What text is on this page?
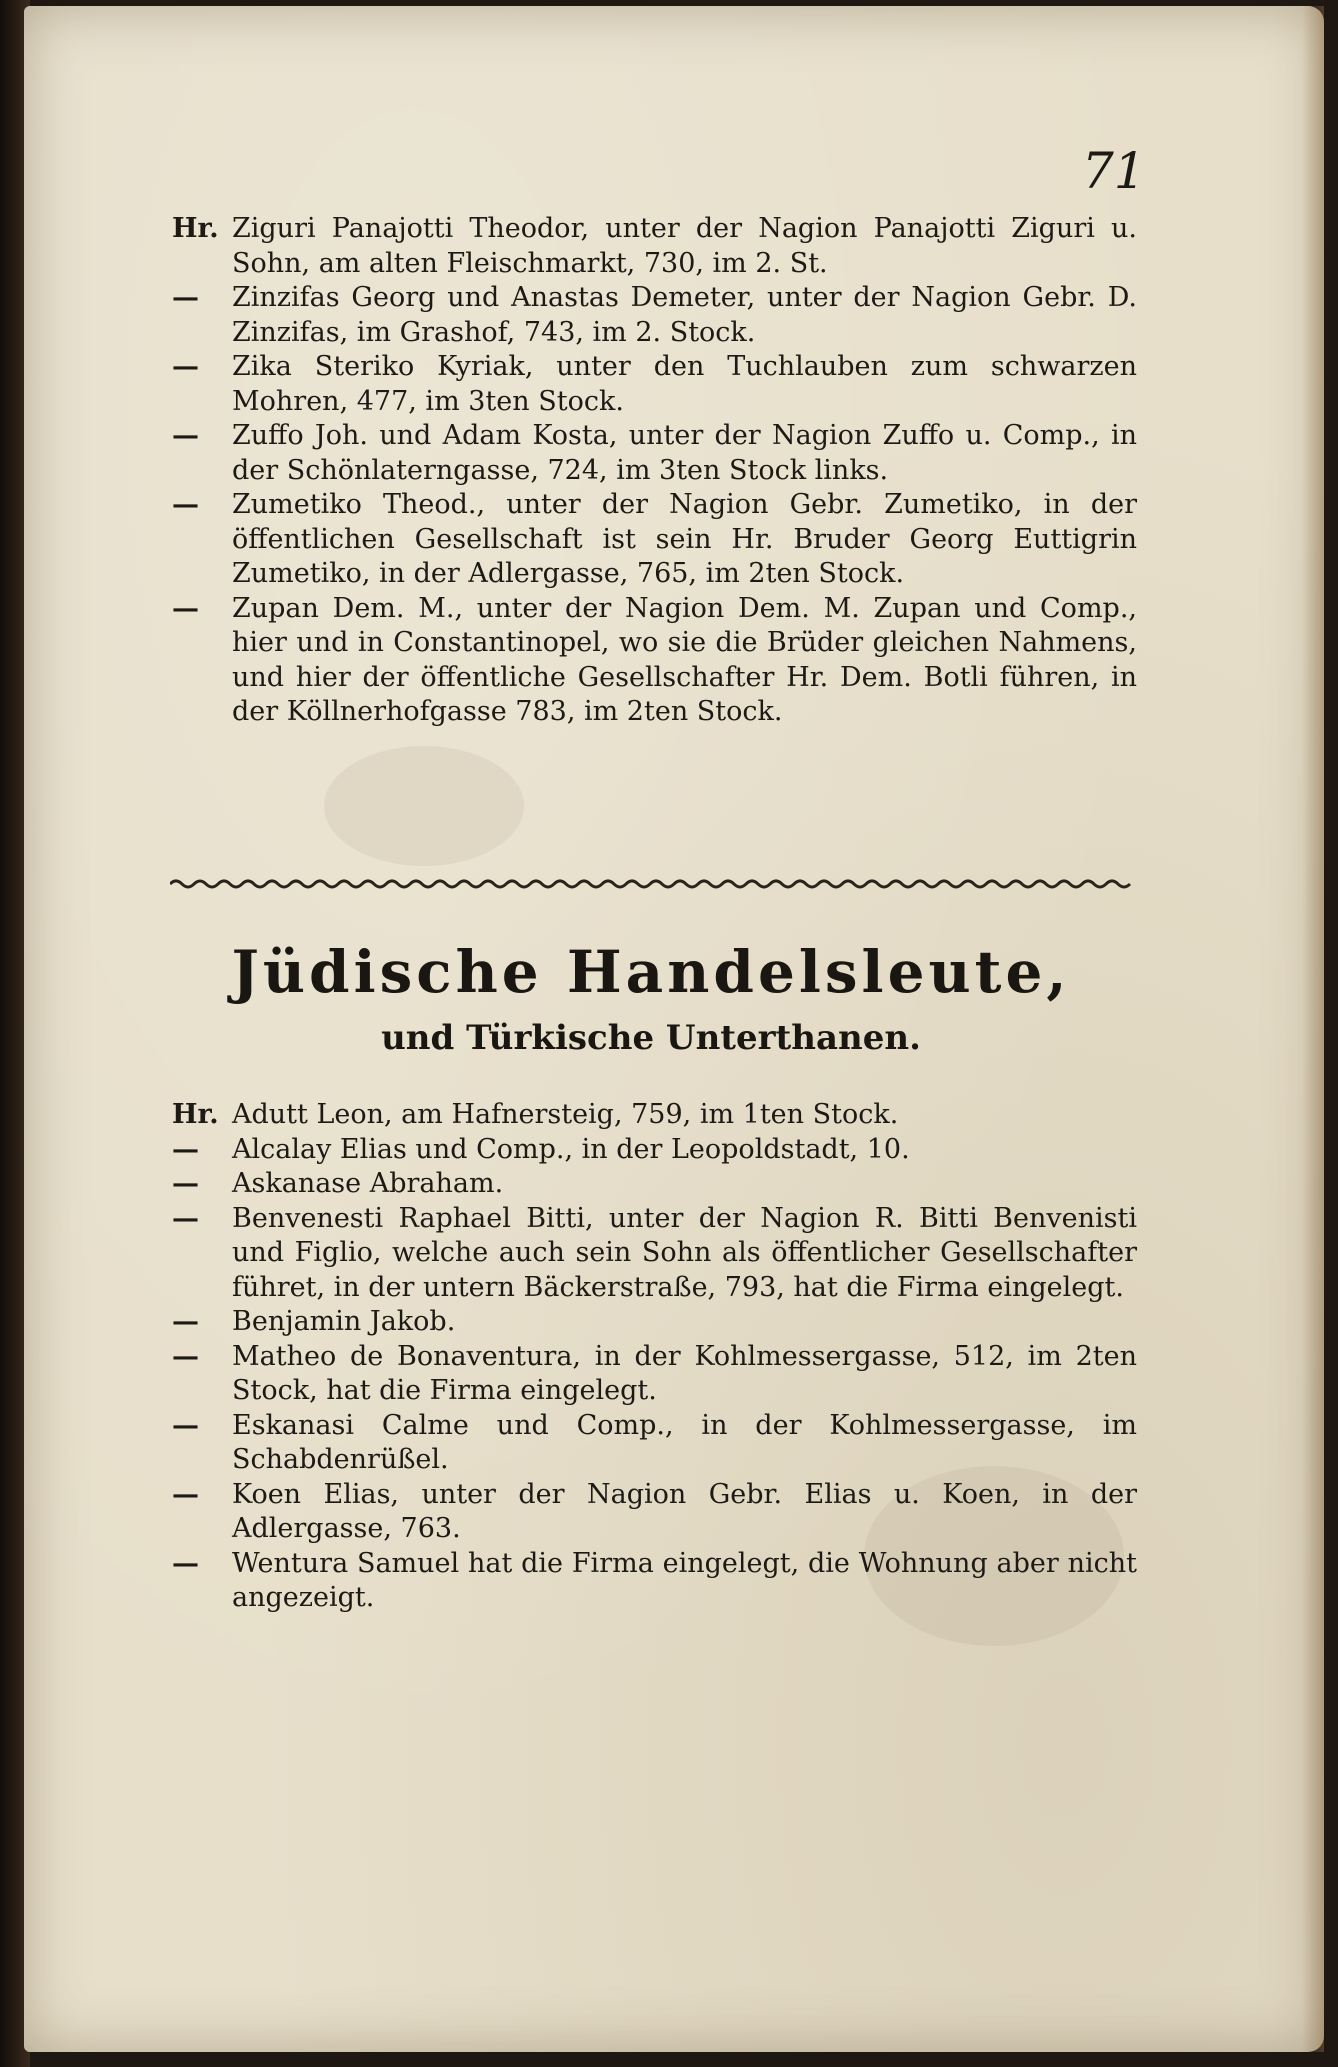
71
Hr. Ziguri Panajotti Theodor, unter der Nagion Panajotti Ziguri u. Sohn, am alten Fleischmarkt, 730, im 2. St.
—	Zinzifas Georg und Anastas Demeter, unter der Nagion Gebr. D. Zinzifas, im Grashof, 743, im 2. Stock.
—	Zika Steriko Kyriak, unter den Tuchlauben zum schwarzen Mohren, 477, im 3ten Stock.
—	Zuffo Joh. und Adam Kosta, unter der Nagion Zuffo u. Comp., in der Schönlaterngasse, 724, im 3ten Stock links.
—	Zumetiko Theod., unter der Nagion Gebr. Zumetiko, in der öffentlichen Gesellschaft ist sein Hr. Bruder Georg Euttigrin Zumetiko, in der Adlergasse, 765, im 2ten Stock.
—	Zupan Dem. M., unter der Nagion Dem. M. Zupan und Comp., hier und in Constantinopel, wo sie die Brüder gleichen Nahmens, und hier der öffentliche Gesellschafter Hr. Dem. Botli führen, in der Köllnerhofgasse 783, im 2ten Stock.
Jüdische Handelsleute,
und Türkische Unterthanen.
Hr. Adutt Leon, am Hafnersteig, 759, im 1ten Stock.
—	Alcalay Elias und Comp., in der Leopoldstadt, 10.
—	Askanase Abraham.
—	Benvenesti Raphael Bitti, unter der Nagion R. Bitti Benvenisti und Figlio, welche auch sein Sohn als öffentlicher Gesellschafter führet, in der untern Bäckerstraße, 793, hat die Firma eingelegt.
—	Benjamin Jakob.
—	Matheo de Bonaventura, in der Kohlmessergasse, 512, im 2ten Stock, hat die Firma eingelegt.
—	Eskanasi Calme und Comp., in der Kohlmessergasse, im Schabdenrüßel.
—	Koen Elias, unter der Nagion Gebr. Elias u. Koen, in der Adlergasse, 763.
—	Wentura Samuel hat die Firma eingelegt, die Wohnung aber nicht angezeigt.
